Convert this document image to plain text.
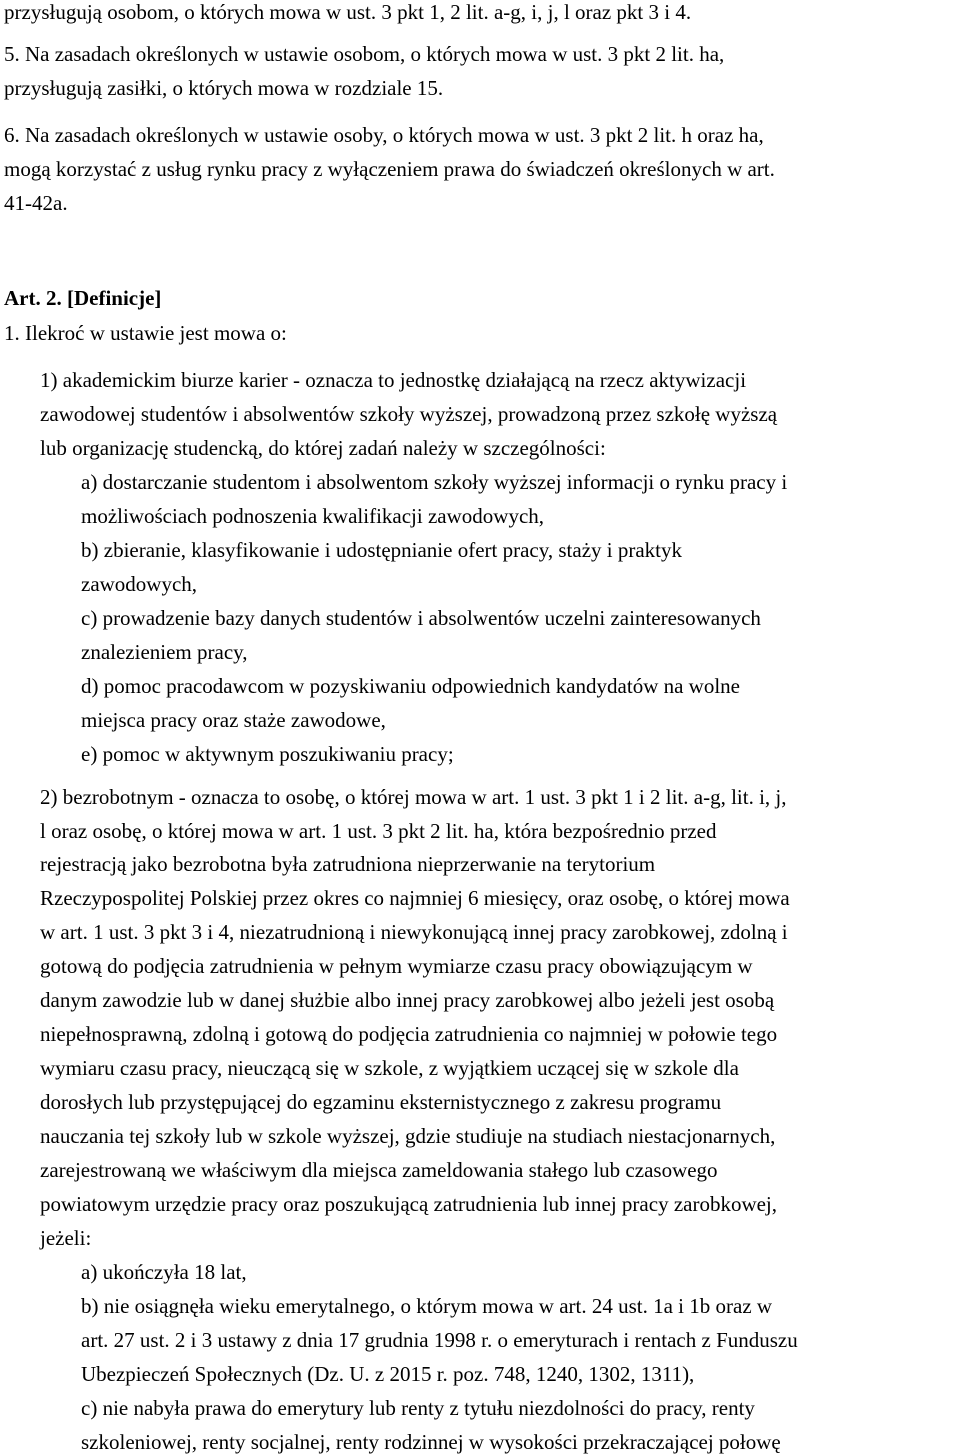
przysługują osobom, o których mowa w ust. 3 pkt 1, 2 lit. a-g, i, j, l oraz pkt 3 i 4.
5. Na zasadach określonych w ustawie osobom, o których mowa w ust. 3 pkt 2 lit. ha,
przysługują zasiłki, o których mowa w rozdziale 15.
6. Na zasadach określonych w ustawie osoby, o których mowa w ust. 3 pkt 2 lit. h oraz ha,
mogą korzystać z usług rynku pracy z wyłączeniem prawa do świadczeń określonych w art.
41-42a.
Art. 2. [Definicje]
1. Ilekroć w ustawie jest mowa o:
1) akademickim biurze karier - oznacza to jednostkę działającą na rzecz aktywizacji
zawodowej studentów i absolwentów szkoły wyższej, prowadzoną przez szkołę wyższą
lub organizację studencką, do której zadań należy w szczególności:
a) dostarczanie studentom i absolwentom szkoły wyższej informacji o rynku pracy i
możliwościach podnoszenia kwalifikacji zawodowych,
b) zbieranie, klasyfikowanie i udostępnianie ofert pracy, staży i praktyk
zawodowych,
c) prowadzenie bazy danych studentów i absolwentów uczelni zainteresowanych
znalezieniem pracy,
d) pomoc pracodawcom w pozyskiwaniu odpowiednich kandydatów na wolne
miejsca pracy oraz staże zawodowe,
e) pomoc w aktywnym poszukiwaniu pracy;
2) bezrobotnym - oznacza to osobę, o której mowa w art. 1 ust. 3 pkt 1 i 2 lit. a-g, lit. i, j,
l oraz osobę, o której mowa w art. 1 ust. 3 pkt 2 lit. ha, która bezpośrednio przed
rejestracją jako bezrobotna była zatrudniona nieprzerwanie na terytorium
Rzeczypospolitej Polskiej przez okres co najmniej 6 miesięcy, oraz osobę, o której mowa
w art. 1 ust. 3 pkt 3 i 4, niezatrudnioną i niewykonującą innej pracy zarobkowej, zdolną i
gotową do podjęcia zatrudnienia w pełnym wymiarze czasu pracy obowiązującym w
danym zawodzie lub w danej służbie albo innej pracy zarobkowej albo jeżeli jest osobą
niepełnosprawną, zdolną i gotową do podjęcia zatrudnienia co najmniej w połowie tego
wymiaru czasu pracy, nieuczącą się w szkole, z wyjątkiem uczącej się w szkole dla
dorosłych lub przystępującej do egzaminu eksternistycznego z zakresu programu
nauczania tej szkoły lub w szkole wyższej, gdzie studiuje na studiach niestacjonarnych,
zarejestrowaną we właściwym dla miejsca zameldowania stałego lub czasowego
powiatowym urzędzie pracy oraz poszukującą zatrudnienia lub innej pracy zarobkowej,
jeżeli:
a) ukończyła 18 lat,
b) nie osiągnęła wieku emerytalnego, o którym mowa w art. 24 ust. 1a i 1b oraz w
art. 27 ust. 2 i 3 ustawy z dnia 17 grudnia 1998 r. o emeryturach i rentach z Funduszu
Ubezpieczeń Społecznych (Dz. U. z 2015 r. poz. 748, 1240, 1302, 1311),
c) nie nabyła prawa do emerytury lub renty z tytułu niezdolności do pracy, renty
szkoleniowej, renty socjalnej, renty rodzinnej w wysokości przekraczającej połowę
